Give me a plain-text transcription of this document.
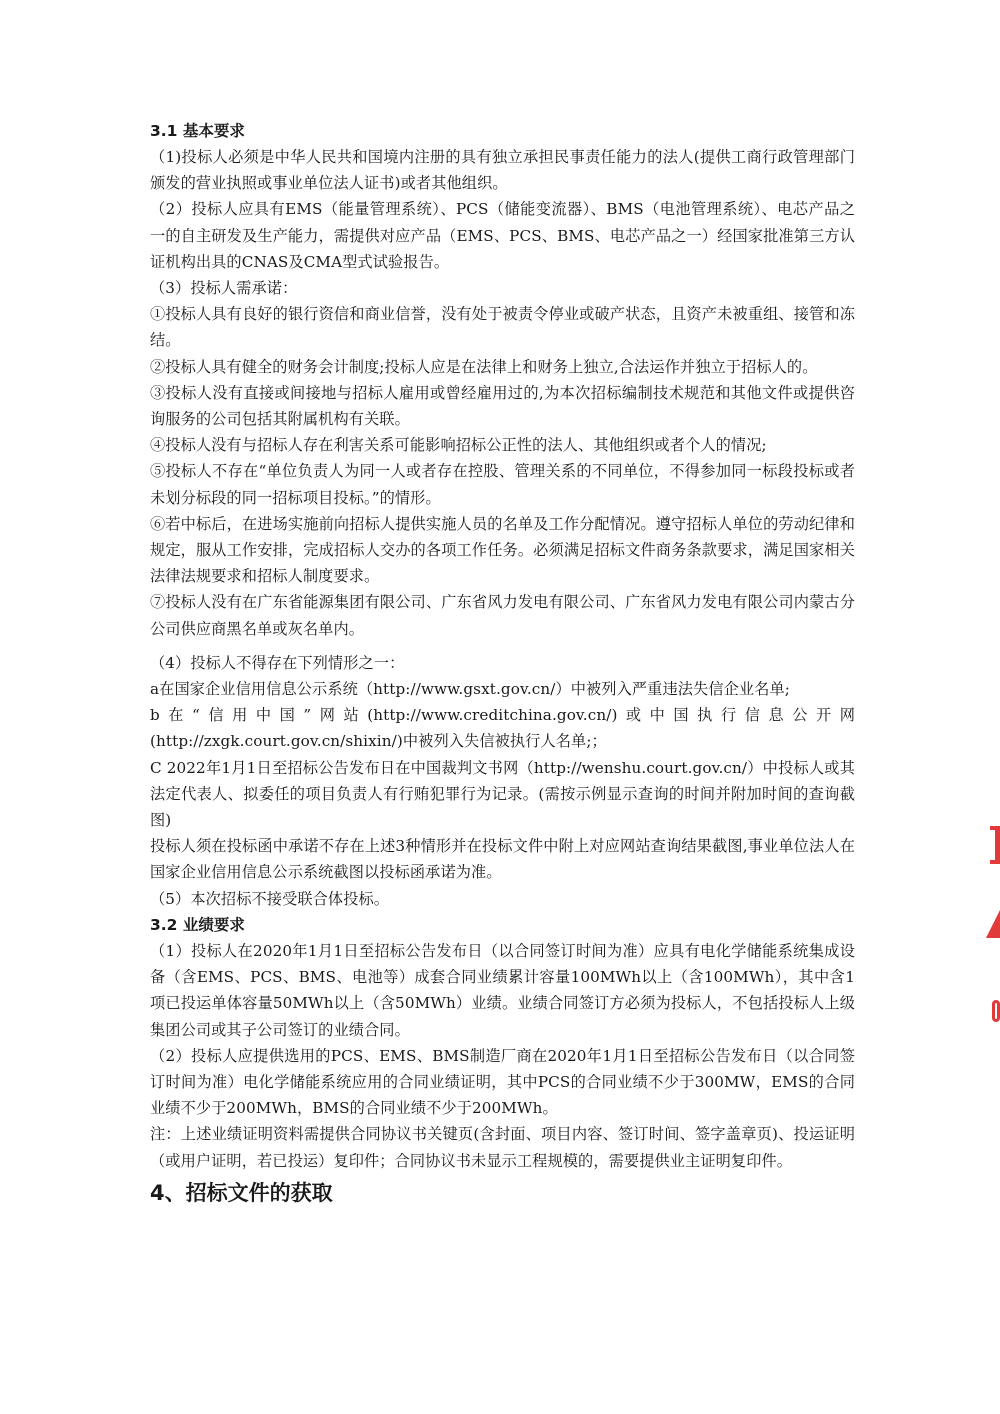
3.1 基本要求

（1)投标人必须是中华人民共和国境内注册的具有独立承担民事责任能力的法人(提供工商行政管理部门颁发的营业执照或事业单位法人证书)或者其他组织。

（2）投标人应具有EMS（能量管理系统）、PCS（储能变流器）、BMS（电池管理系统）、电芯产品之一的自主研发及生产能力，需提供对应产品（EMS、PCS、BMS、电芯产品之一）经国家批准第三方认证机构出具的CNAS及CMA型式试验报告。

（3）投标人需承诺：

①投标人具有良好的银行资信和商业信誉，没有处于被责令停业或破产状态，且资产未被重组、接管和冻结。

②投标人具有健全的财务会计制度;投标人应是在法律上和财务上独立,合法运作并独立于招标人的。

③投标人没有直接或间接地与招标人雇用或曾经雇用过的,为本次招标编制技术规范和其他文件或提供咨询服务的公司包括其附属机构有关联。

④投标人没有与招标人存在利害关系可能影响招标公正性的法人、其他组织或者个人的情况;

⑤投标人不存在“单位负责人为同一人或者存在控股、管理关系的不同单位，不得参加同一标段投标或者未划分标段的同一招标项目投标。”的情形。

⑥若中标后，在进场实施前向招标人提供实施人员的名单及工作分配情况。遵守招标人单位的劳动纪律和规定，服从工作安排，完成招标人交办的各项工作任务。必须满足招标文件商务条款要求，满足国家相关法律法规要求和招标人制度要求。

⑦投标人没有在广东省能源集团有限公司、广东省风力发电有限公司、广东省风力发电有限公司内蒙古分公司供应商黑名单或灰名单内。

（4）投标人不得存在下列情形之一：

a在国家企业信用信息公示系统（http://www.gsxt.gov.cn/）中被列入严重违法失信企业名单;

b在“信用中国”网站(http://www.creditchina.gov.cn/)或中国执行信息公开网(http://zxgk.court.gov.cn/shixin/)中被列入失信被执行人名单;；

C 2022年1月1日至招标公告发布日在中国裁判文书网（http://wenshu.court.gov.cn/）中投标人或其法定代表人、拟委任的项目负责人有行贿犯罪行为记录。(需按示例显示查询的时间并附加时间的查询截图)

投标人须在投标函中承诺不存在上述3种情形并在投标文件中附上对应网站查询结果截图,事业单位法人在国家企业信用信息公示系统截图以投标函承诺为准。

（5）本次招标不接受联合体投标。

3.2 业绩要求

（1）投标人在2020年1月1日至招标公告发布日（以合同签订时间为准）应具有电化学储能系统集成设备（含EMS、PCS、BMS、电池等）成套合同业绩累计容量100MWh以上（含100MWh），其中含1项已投运单体容量50MWh以上（含50MWh）业绩。业绩合同签订方必须为投标人，不包括投标人上级集团公司或其子公司签订的业绩合同。

（2）投标人应提供选用的PCS、EMS、BMS制造厂商在2020年1月1日至招标公告发布日（以合同签订时间为准）电化学储能系统应用的合同业绩证明，其中PCS的合同业绩不少于300MW，EMS的合同业绩不少于200MWh，BMS的合同业绩不少于200MWh。

注：上述业绩证明资料需提供合同协议书关键页(含封面、项目内容、签订时间、签字盖章页)、投运证明（或用户证明，若已投运）复印件；合同协议书未显示工程规模的，需要提供业主证明复印件。

4、招标文件的获取
